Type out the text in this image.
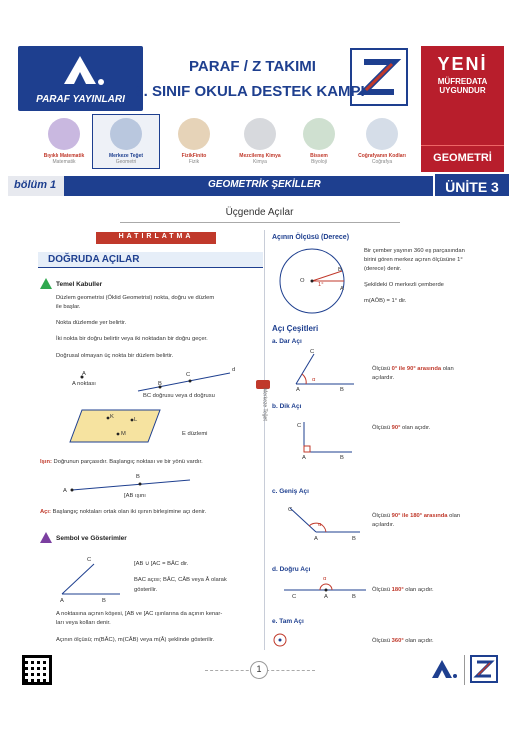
PARAF YAYINLARI
PARAF / Z TAKIMI
9. SINIF OKULA DESTEK KAMPI
YENİ
MÜFREDATA
UYGUNDUR
GEOMETRİ
Bıyıklı Matematik
Matematik
Merkeze Teğet
Geometri
FizikFinito
Fizik
Mezcilemş Kimya
Kimya
Bissem
Biyoloji
Coğrafyanın Kodları
Coğrafya
bölüm 1	GEOMETRİK ŞEKİLLER	ÜNİTE 3
Üçgende Açılar
HATIRLATMA
DOĞRUDA AÇILAR
Temel Kabuller
Düzlem geometrisi (Öklid Geometrisi) nokta, doğru ve düzlem
ile başlar.
Nokta düzlemde yer belirtir.
İki nokta bir doğru belirtir veya iki noktadan bir doğru geçer.
Doğrusal olmayan üç nokta bir düzlem belirtir.
A
A noktası	B
C
d
BC doğrusu veya d doğrusu
K	L
M	E düzlemi
Işın: Doğrunun parçasıdır. Başlangıç noktası ve bir yönü vardır.
A
B
[AB ışını
Açı: Başlangıç noktaları ortak olan iki ışının birleşimine açı denir.
Sembol ve Gösterimler
C
A	B
[AB ∪ [AC = BÂC dir.
BAC açısı; BÂC, CÂB veya Â olarak
gösterilir.
A noktasına açının köşesi, [AB ve [AC ışınlarına da açının kenar-
ları veya kolları denir.
Açının ölçüsü; m(BÂC), m(CÂB) veya m(Â) şeklinde gösterilir.
Merkeze Teğet
Açının Ölçüsü (Derece)
O
A
B
1°
Bir çember yayının 360 eş parçasından
birini gören merkez açının ölçüsüne 1°
(derece) denir.
Şekildeki O merkezli çemberde
m(AÔB) = 1° dir.
Açı Çeşitleri
a. Dar Açı
C
A	B
α
Ölçüsü 0° ile 90° arasında olan
açılardır.
b. Dik Açı
C
A	B
Ölçüsü 90° olan açıdır.
c. Geniş Açı
C
A	B
α
Ölçüsü 90° ile 180° arasında olan
açılardır.
d. Doğru Açı
C	A	B
α
Ölçüsü 180° olan açıdır.
e. Tam Açı
Ölçüsü 360° olan açıdır.
1
